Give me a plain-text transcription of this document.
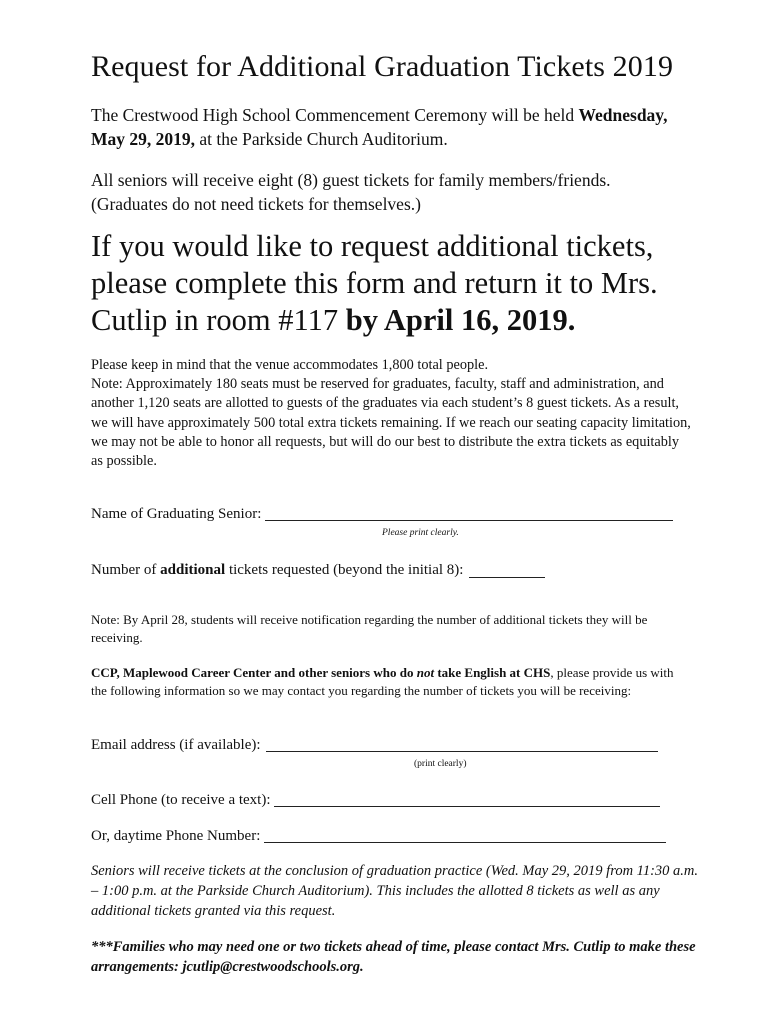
Request for Additional Graduation Tickets 2019

The Crestwood High School Commencement Ceremony will be held Wednesday, May 29, 2019, at the Parkside Church Auditorium.

All seniors will receive eight (8) guest tickets for family members/friends. (Graduates do not need tickets for themselves.)

If you would like to request additional tickets, please complete this form and return it to Mrs. Cutlip in room #117 by April 16, 2019.

Please keep in mind that the venue accommodates 1,800 total people.
Note: Approximately 180 seats must be reserved for graduates, faculty, staff and administration, and another 1,120 seats are allotted to guests of the graduates via each student’s 8 guest tickets. As a result, we will have approximately 500 total extra tickets remaining. If we reach our seating capacity limitation, we may not be able to honor all requests, but will do our best to distribute the extra tickets as equitably as possible.
Name of Graduating Senior:
Please print clearly.
Number of additional tickets requested (beyond the initial 8):

Note: By April 28, students will receive notification regarding the number of additional tickets they will be receiving.

CCP, Maplewood Career Center and other seniors who do not take English at CHS, please provide us with the following information so we may contact you regarding the number of tickets you will be receiving:

Email address (if available):
(print clearly)
Cell Phone (to receive a text):
Or, daytime Phone Number:

Seniors will receive tickets at the conclusion of graduation practice (Wed. May 29, 2019 from 11:30 a.m. – 1:00 p.m. at the Parkside Church Auditorium). This includes the allotted 8 tickets as well as any additional tickets granted via this request.

***Families who may need one or two tickets ahead of time, please contact Mrs. Cutlip to make these arrangements: jcutlip@crestwoodschools.org.
